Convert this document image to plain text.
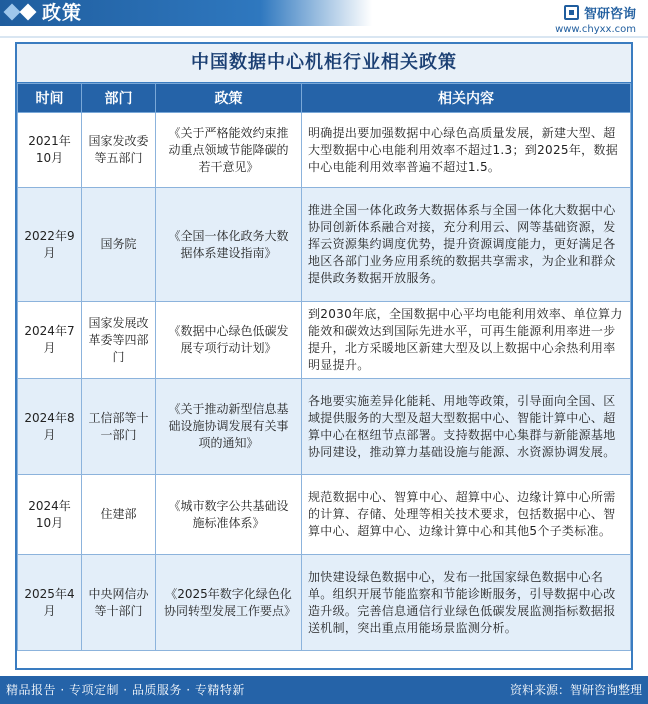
政策	智研咨询
www.chyxx.com
中国数据中心机柜行业相关政策
时间	部门	政策	相关内容
2021年10月	国家发改委等五部门	《关于严格能效约束推动重点领域节能降碳的若干意见》	明确提出要加强数据中心绿色高质量发展，新建大型、超大型数据中心电能利用效率不超过1.3；到2025年，数据中心电能利用效率普遍不超过1.5。
2022年9月	国务院	《全国一体化政务大数据体系建设指南》	推进全国一体化政务大数据体系与全国一体化大数据中心协同创新体系融合对接，充分利用云、网等基础资源，发挥云资源集约调度优势，提升资源调度能力，更好满足各地区各部门业务应用系统的数据共享需求，为企业和群众提供政务数据开放服务。
2024年7月	国家发展改革委等四部门	《数据中心绿色低碳发展专项行动计划》	到2030年底，全国数据中心平均电能利用效率、单位算力能效和碳效达到国际先进水平，可再生能源利用率进一步提升，北方采暖地区新建大型及以上数据中心余热利用率明显提升。
2024年8月	工信部等十一部门	《关于推动新型信息基础设施协调发展有关事项的通知》	各地要实施差异化能耗、用地等政策，引导面向全国、区域提供服务的大型及超大型数据中心、智能计算中心、超算中心在枢纽节点部署。支持数据中心集群与新能源基地协同建设，推动算力基础设施与能源、水资源协调发展。
2024年10月	住建部	《城市数字公共基础设施标准体系》	规范数据中心、智算中心、超算中心、边缘计算中心所需的计算、存储、处理等相关技术要求，包括数据中心、智算中心、超算中心、边缘计算中心和其他5个子类标准。
2025年4月	中央网信办等十部门	《2025年数字化绿色化协同转型发展工作要点》	加快建设绿色数据中心，发布一批国家绿色数据中心名单。组织开展节能监察和节能诊断服务，引导数据中心改造升级。完善信息通信行业绿色低碳发展监测指标数据报送机制，突出重点用能场景监测分析。
精品报告 · 专项定制 · 品质服务 · 专精特新	资料来源：智研咨询整理
